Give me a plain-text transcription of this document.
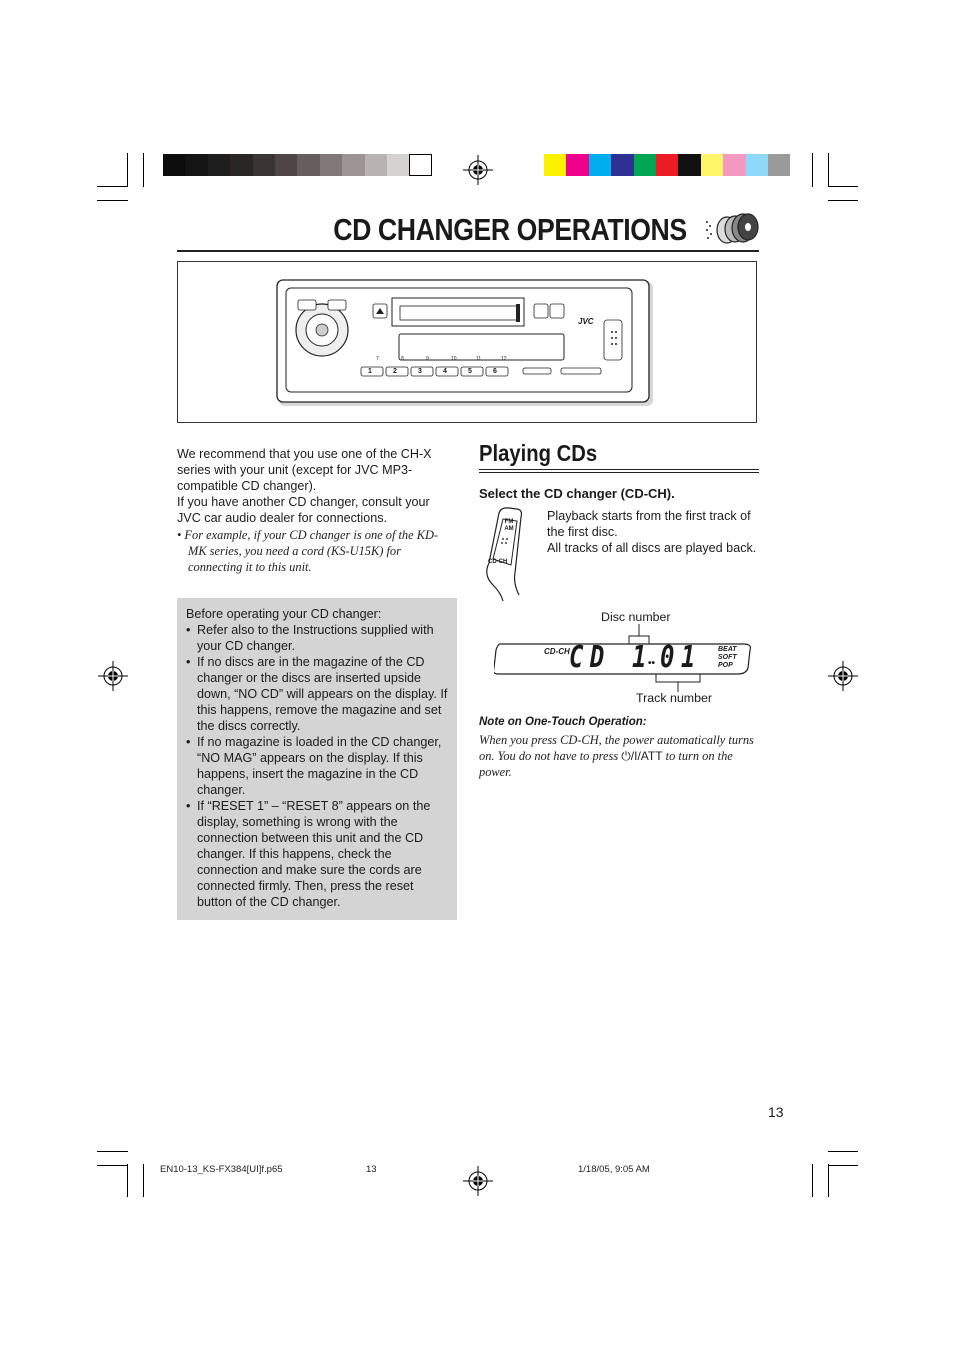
CD CHANGER OPERATIONS
JVC
1	2	3	4	5	6
7	8	9	10	11	12

We recommend that you use one of the CH-X series with your unit (except for JVC MP3-compatible CD changer).

If you have another CD changer, consult your JVC car audio dealer for connections.

• For example, if your CD changer is one of the KD-MK series, you need a cord (KS-U15K) for connecting it to this unit.

Before operating your CD changer:
• Refer also to the Instructions supplied with your CD changer.
• If no discs are in the magazine of the CD changer or the discs are inserted upside down, “NO CD” will appears on the display. If this happens, remove the magazine and set the discs correctly.
• If no magazine is loaded in the CD changer, “NO MAG” appears on the display. If this happens, insert the magazine in the CD changer.
• If “RESET 1” – “RESET 8” appears on the display, something is wrong with the connection between this unit and the CD changer. If this happens, check the connection and make sure the cords are connected firmly. Then, press the reset button of the CD changer.
Playing CDs
Select the CD changer (CD-CH).
FM AM
CD-CH

Playback starts from the first track of the first disc.

All tracks of all discs are played back.

Disc number
Track number
CD-CH CD 1 •• 01 BEAT
SOFT
POP
Note on One-Touch Operation:
When you press CD-CH, the power automatically turns on. You do not have to press ⏻/I/ATT to turn on the power.
13
EN10-13_KS-FX384[UI]f.p65	13	1/18/05, 9:05 AM
